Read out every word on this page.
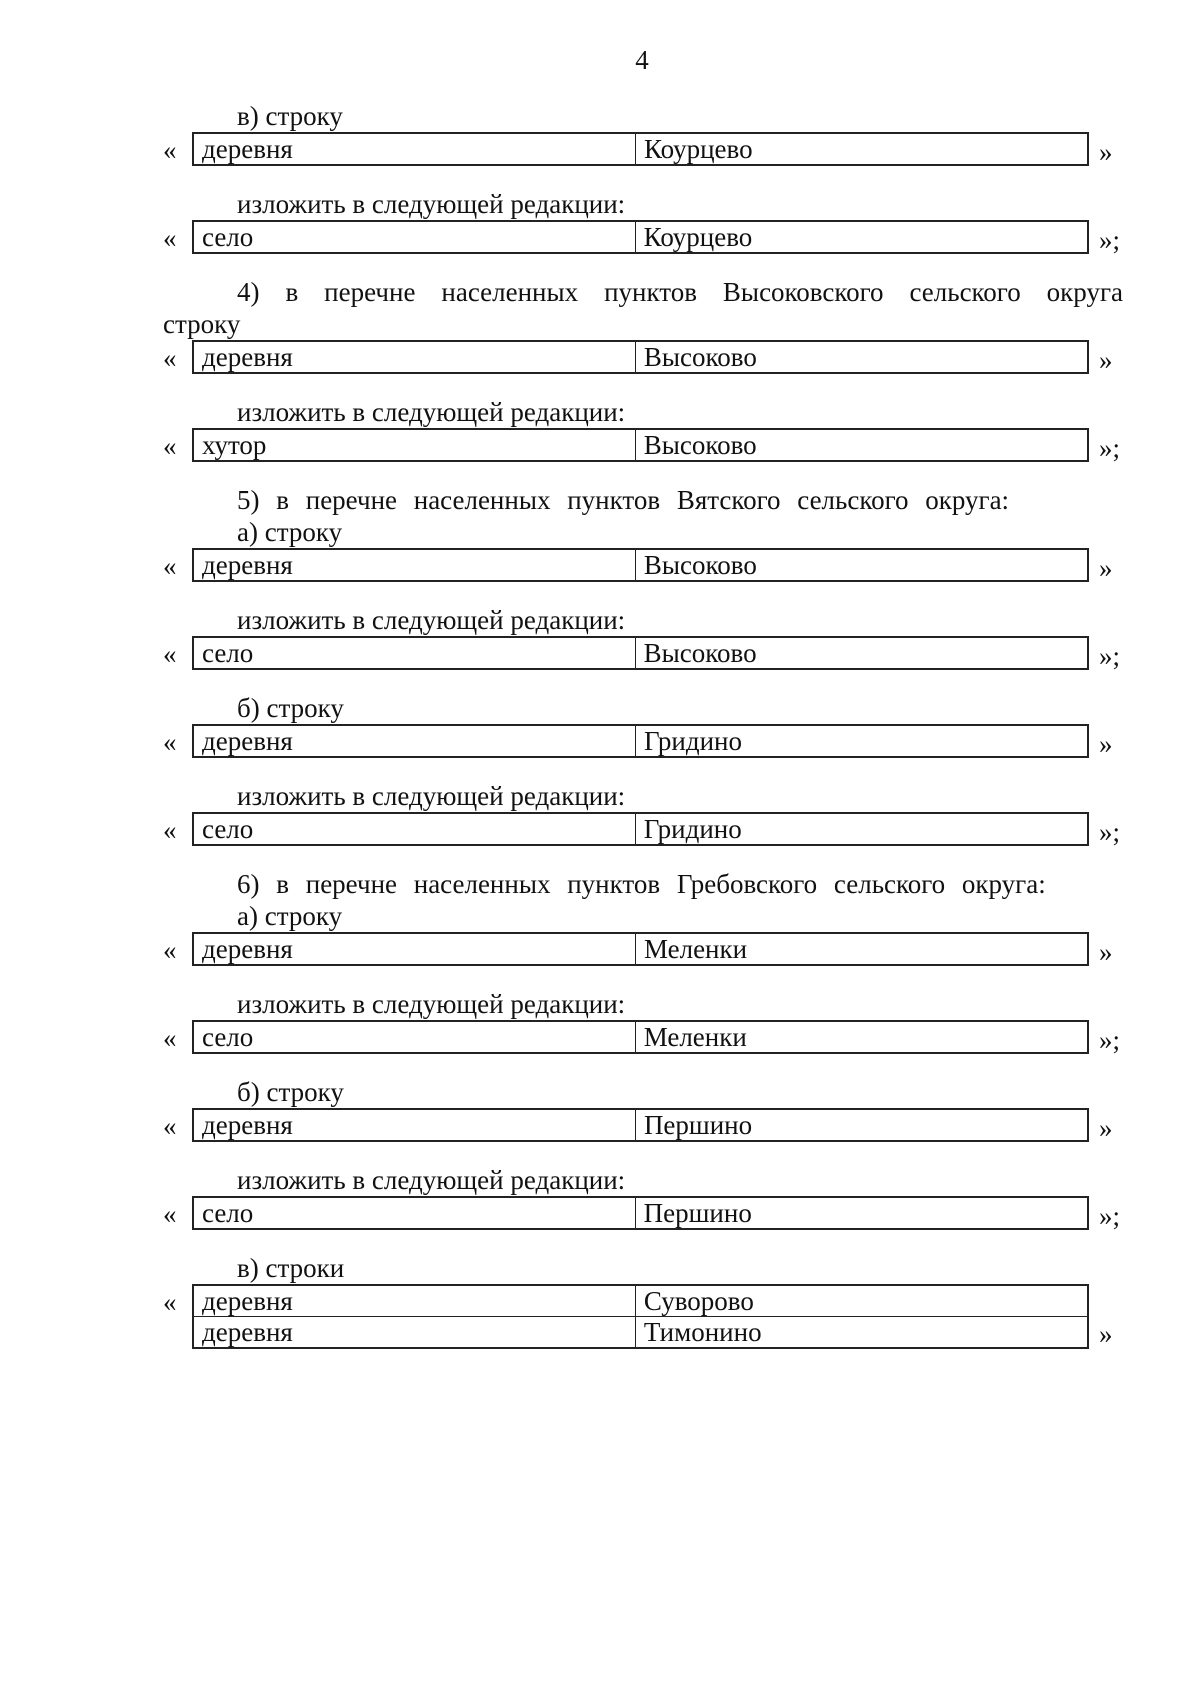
4
в) строку
« деревня	Коурцево	»
изложить в следующей редакции:
« село	Коурцево	»;
4) в перечне населенных пунктов Высоковского сельского округа строку
« деревня	Высоково	»
изложить в следующей редакции:
« хутор	Высоково	»;
5) в перечне населенных пунктов Вятского сельского округа:
а) строку
« деревня	Высоково	»
изложить в следующей редакции:
« село	Высоково	»;
б) строку
« деревня	Гридино	»
изложить в следующей редакции:
« село	Гридино	»;
6) в перечне населенных пунктов Гребовского сельского округа:
а) строку
« деревня	Меленки	»
изложить в следующей редакции:
« село	Меленки	»;
б) строку
« деревня	Першино	»
изложить в следующей редакции:
« село	Першино	»;
в) строки
« деревня	Суворово
деревня	Тимонино	»
